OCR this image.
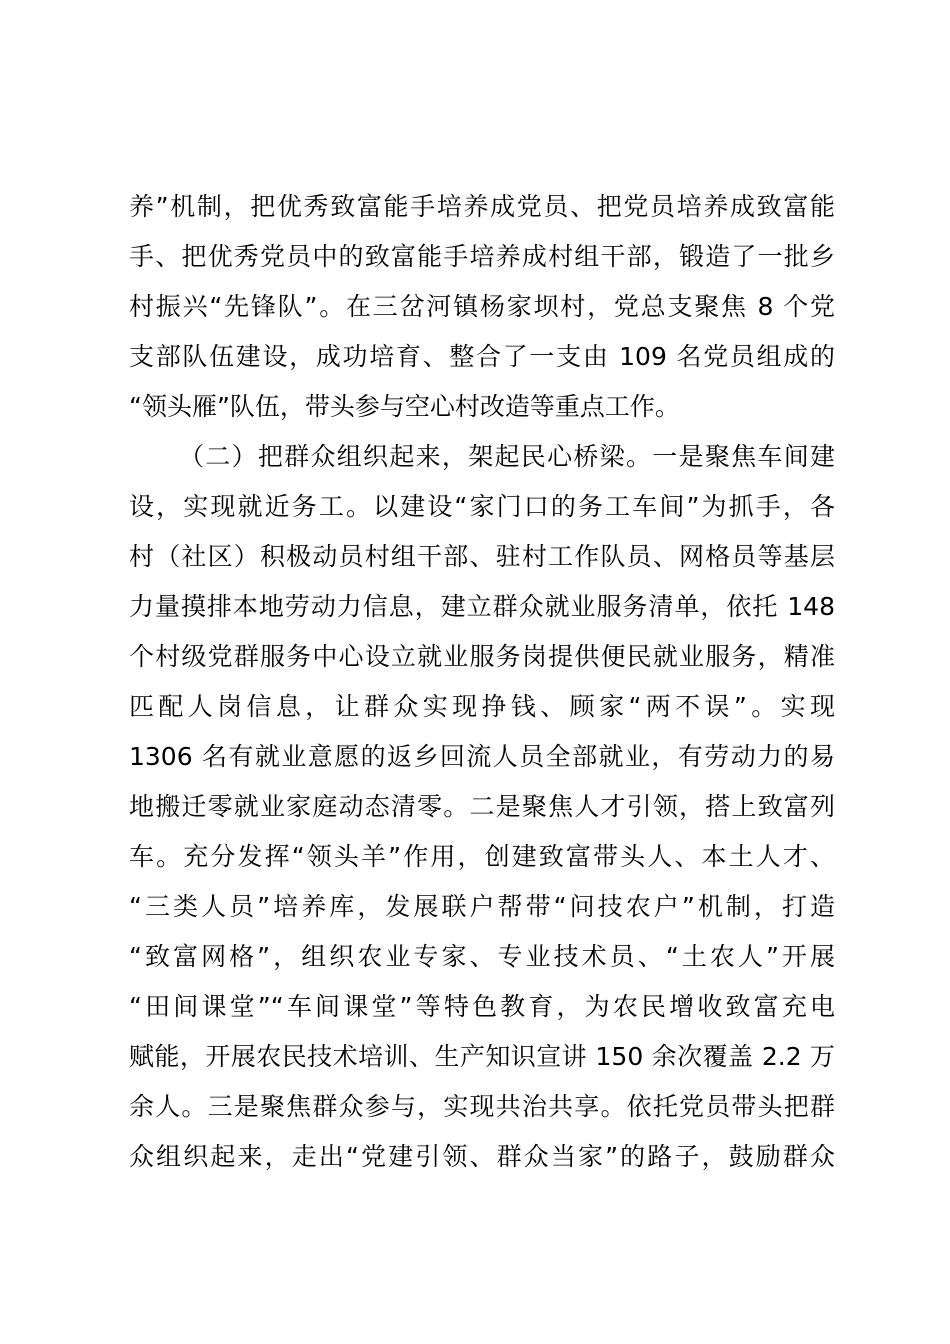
养”机制，把优秀致富能手培养成党员、把党员培养成致富能
手、把优秀党员中的致富能手培养成村组干部，锻造了一批乡
村振兴“先锋队”。在三岔河镇杨家坝村，党总支聚焦 8 个党
支部队伍建设，成功培育、整合了一支由 109 名党员组成的
“领头雁”队伍，带头参与空心村改造等重点工作。
（二）把群众组织起来，架起民心桥梁。一是聚焦车间建
设，实现就近务工。以建设“家门口的务工车间”为抓手，各
村（社区）积极动员村组干部、驻村工作队员、网格员等基层
力量摸排本地劳动力信息，建立群众就业服务清单，依托 148
个村级党群服务中心设立就业服务岗提供便民就业服务，精准
匹配人岗信息，让群众实现挣钱、顾家“两不误”。实现
1306 名有就业意愿的返乡回流人员全部就业，有劳动力的易
地搬迁零就业家庭动态清零。二是聚焦人才引领，搭上致富列
车。充分发挥“领头羊”作用，创建致富带头人、本土人才、
“三类人员”培养库，发展联户帮带“问技农户”机制，打造
“致富网格”，组织农业专家、专业技术员、“土农人”开展
“田间课堂”“车间课堂”等特色教育，为农民增收致富充电
赋能，开展农民技术培训、生产知识宣讲 150 余次覆盖 2.2 万
余人。三是聚焦群众参与，实现共治共享。依托党员带头把群
众组织起来，走出“党建引领、群众当家”的路子，鼓励群众
